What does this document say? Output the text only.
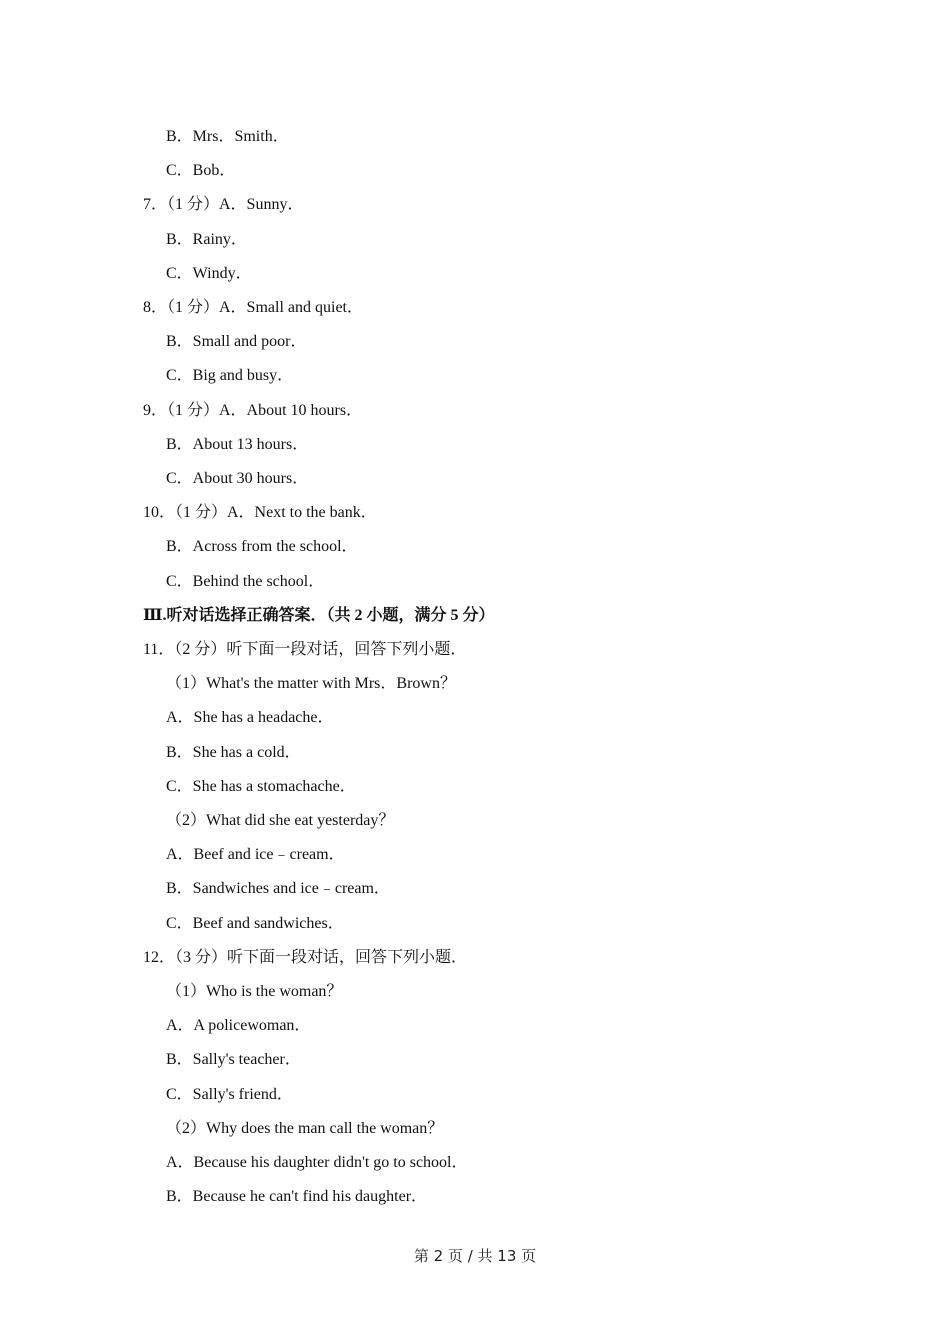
B．Mrs．Smith．
C．Bob．
7．（1 分）A．Sunny．
B．Rainy．
C．Windy．
8．（1 分）A．Small and quiet．
B．Small and poor．
C．Big and busy．
9．（1 分）A．About 10 hours．
B．About 13 hours．
C．About 30 hours．
10．（1 分）A．Next to the bank．
B．Across from the school．
C．Behind the school．
Ⅲ.听对话选择正确答案．（共 2 小题，满分 5 分）
11．（2 分）听下面一段对话，回答下列小题．
（1）What's the matter with Mrs．Brown？
A．She has a headache．
B．She has a cold．
C．She has a stomachache．
（2）What did she eat yesterday？
A．Beef and ice﹣cream．
B．Sandwiches and ice﹣cream．
C．Beef and sandwiches．
12．（3 分）听下面一段对话，回答下列小题．
（1）Who is the woman？
A．A policewoman．
B．Sally's teacher．
C．Sally's friend．
（2）Why does the man call the woman？
A．Because his daughter didn't go to school．
B．Because he can't find his daughter．
第 2 页 / 共 13 页
